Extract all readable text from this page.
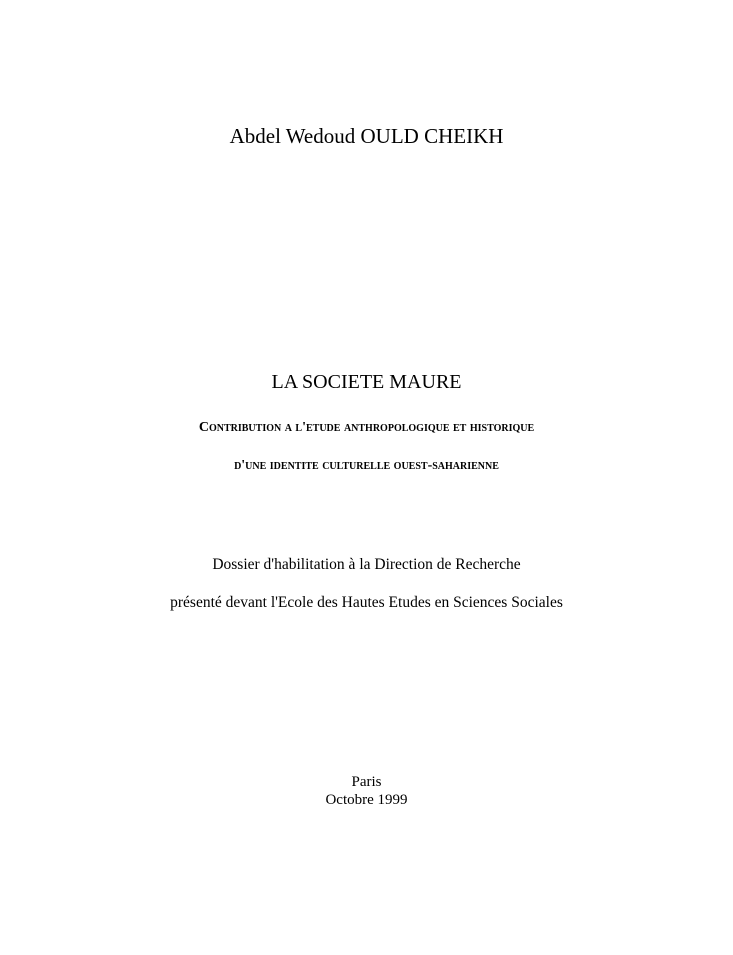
Abdel Wedoud OULD CHEIKH
LA SOCIETE MAURE
Contribution a l'etude anthropologique et historique
d'une identite culturelle ouest-saharienne
Dossier d'habilitation à la Direction de Recherche
présenté devant l'Ecole des Hautes Etudes en Sciences Sociales
Paris
Octobre 1999
